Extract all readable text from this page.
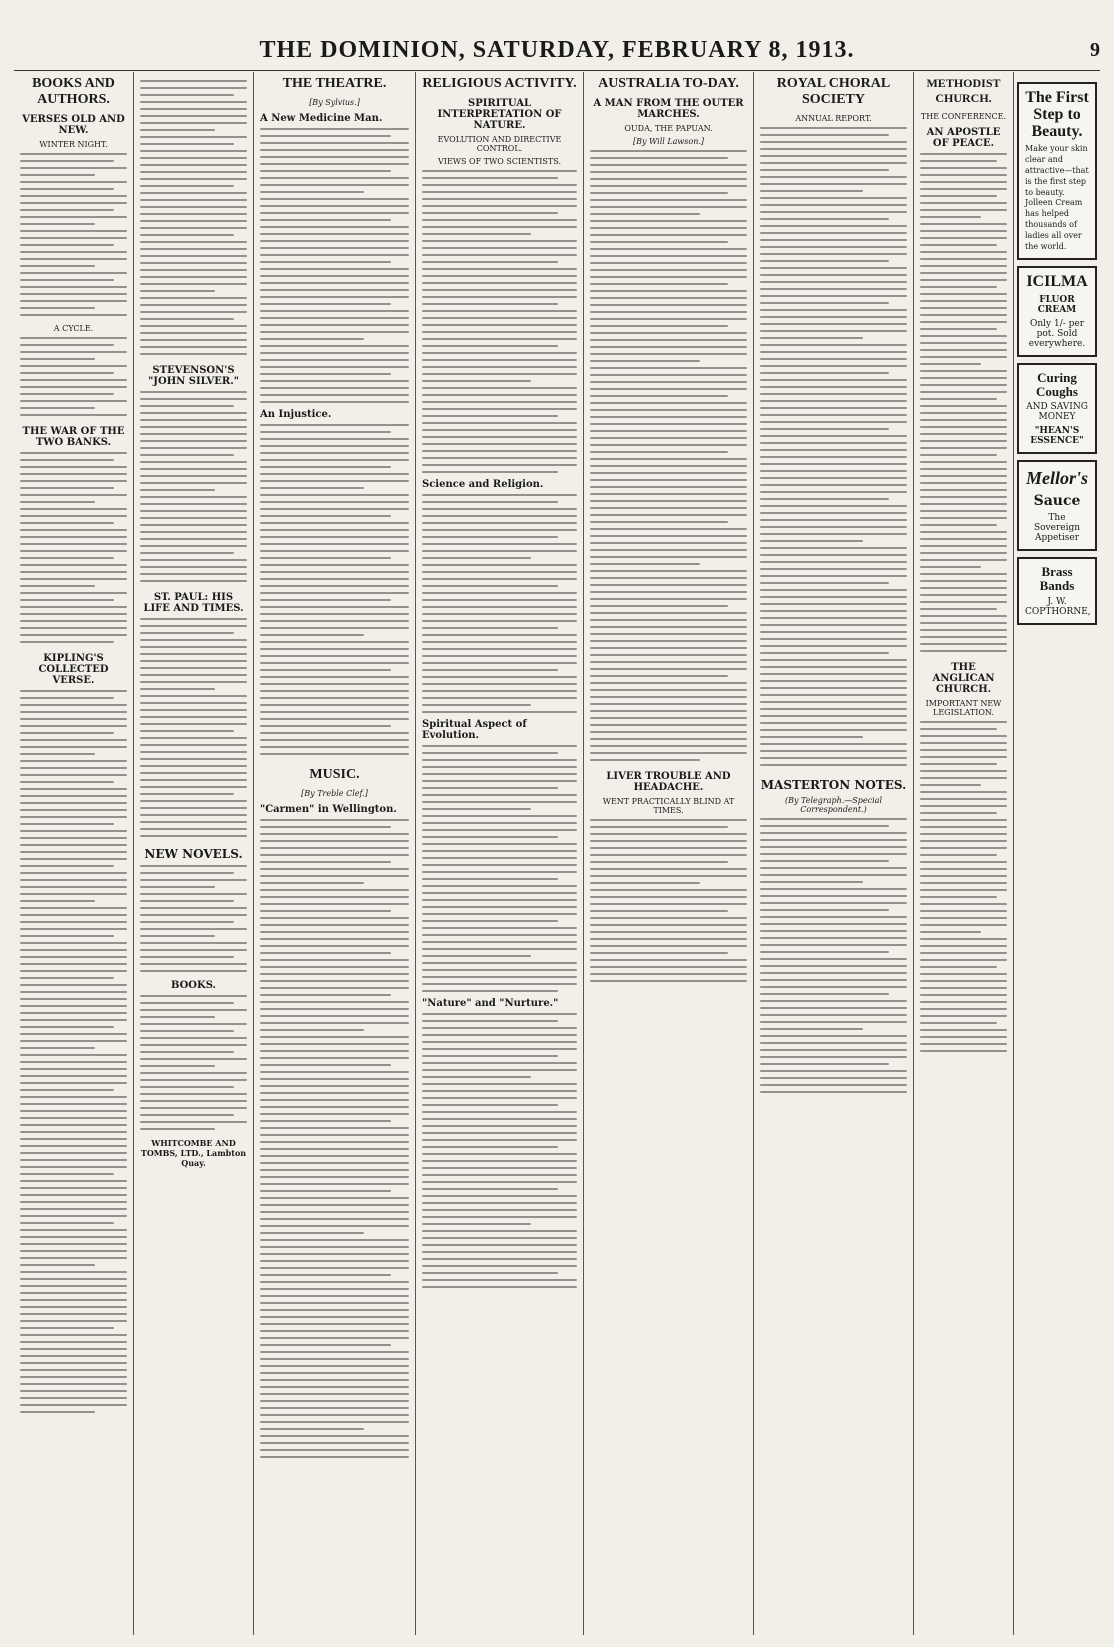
THE DOMINION, SATURDAY, FEBRUARY 8, 1913.	9
BOOKS AND AUTHORS.
VERSES OLD AND NEW.
WINTER NIGHT.
A CYCLE.
THE WAR OF THE TWO BANKS.
KIPLING'S COLLECTED VERSE.
STEVENSON'S "JOHN SILVER."
ST. PAUL: HIS LIFE AND TIMES.
NEW NOVELS.
BOOKS.
WHITCOMBE AND TOMBS, LTD., Lambton Quay.
THE THEATRE.
[By Sylvius.]
A New Medicine Man.
An Injustice.
MUSIC.
[By Treble Clef.]
"Carmen" in Wellington.
RELIGIOUS ACTIVITY.
SPIRITUAL INTERPRETATION OF NATURE.
EVOLUTION AND DIRECTIVE CONTROL.
VIEWS OF TWO SCIENTISTS.
Science and Religion.
Spiritual Aspect of Evolution.
"Nature" and "Nurture."
AUSTRALIA TO-DAY.
A MAN FROM THE OUTER MARCHES.
OUDA, THE PAPUAN.
[By Will Lawson.]
LIVER TROUBLE AND HEADACHE.
WENT PRACTICALLY BLIND AT TIMES.
ROYAL CHORAL SOCIETY
ANNUAL REPORT.
MASTERTON NOTES.
(By Telegraph.—Special Correspondent.)
METHODIST CHURCH.
THE CONFERENCE.
AN APOSTLE OF PEACE.
THE ANGLICAN CHURCH.
IMPORTANT NEW LEGISLATION.
The First Step to Beauty.
Make your skin clear and attractive—that is the first step to beauty. Jolleen Cream has helped thousands of ladies all over the world.
ICILMA
FLUOR CREAM
Only 1/- per pot. Sold everywhere.
Curing Coughs
AND SAVING MONEY
"HEAN'S ESSENCE"
Mellor's
Sauce
The Sovereign Appetiser
Brass Bands
J. W. COPTHORNE,
